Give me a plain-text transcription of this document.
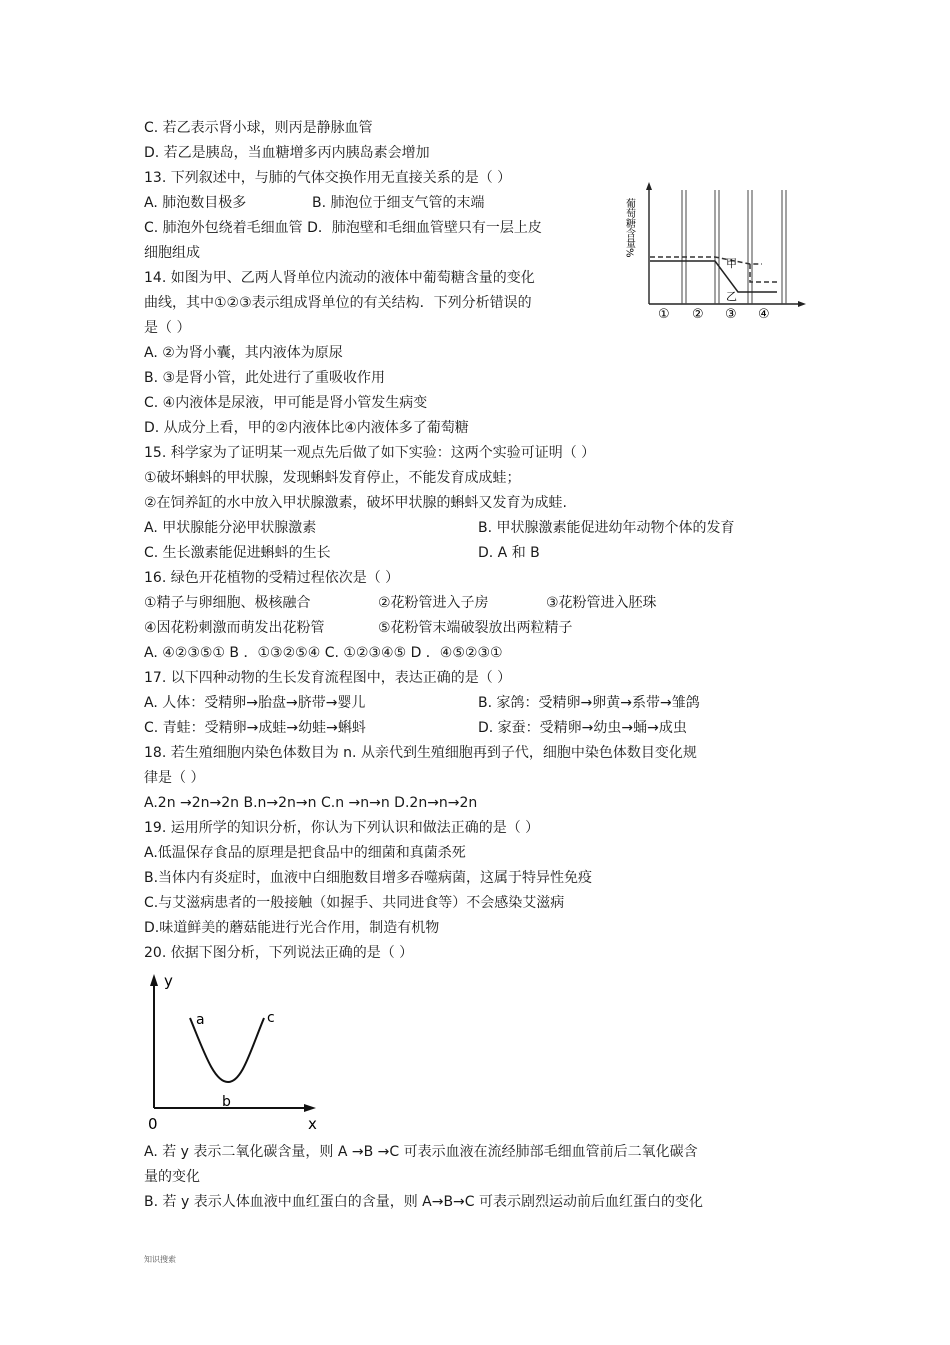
C. 若乙表示肾小球，则丙是静脉血管
D. 若乙是胰岛，当血糖增多丙内胰岛素会增加
13. 下列叙述中，与肺的气体交换作用无直接关系的是（ ）
A. 肺泡数目极多	B. 肺泡位于细支气管的末端
C. 肺泡外包绕着毛细血管 D．肺泡壁和毛细血管壁只有一层上皮
细胞组成
14. 如图为甲、乙两人肾单位内流动的液体中葡萄糖含量的变化
曲线，其中①②③表示组成肾单位的有关结构．下列分析错误的
是（ ）
A. ②为肾小囊，其内液体为原尿
B. ③是肾小管，此处进行了重吸收作用
C. ④内液体是尿液，甲可能是肾小管发生病变
D. 从成分上看，甲的②内液体比④内液体多了葡萄糖
15. 科学家为了证明某一观点先后做了如下实验：这两个实验可证明（ ）
①破坏蝌蚪的甲状腺，发现蝌蚪发育停止，不能发育成成蛙；
②在饲养缸的水中放入甲状腺激素，破坏甲状腺的蝌蚪又发育为成蛙.
A. 甲状腺能分泌甲状腺激素	B. 甲状腺激素能促进幼年动物个体的发育
C. 生长激素能促进蝌蚪的生长	D. A 和 B
16. 绿色开花植物的受精过程依次是（ ）
①精子与卵细胞、极核融合	②花粉管进入子房	③花粉管进入胚珠
④因花粉刺激而萌发出花粉管	⑤花粉管末端破裂放出两粒精子
A. ④②③⑤① B ．①③②⑤④ C. ①②③④⑤ D ．④⑤②③①
17. 以下四种动物的生长发育流程图中，表达正确的是（ ）
A. 人体：受精卵→胎盘→脐带→婴儿	B. 家鸽：受精卵→卵黄→系带→雏鸽
C. 青蛙：受精卵→成蛙→幼蛙→蝌蚪	D. 家蚕：受精卵→幼虫→蛹→成虫
18. 若生殖细胞内染色体数目为 n. 从亲代到生殖细胞再到子代，细胞中染色体数目变化规
律是（ ）
A.2n →2n→2n B.n→2n→n C.n →n→n D.2n→n→2n
19. 运用所学的知识分析，你认为下列认识和做法正确的是（ ）
A.低温保存食品的原理是把食品中的细菌和真菌杀死
B.当体内有炎症时，血液中白细胞数目增多吞噬病菌，这属于特异性免疫
C.与艾滋病患者的一般接触（如握手、共同进食等）不会感染艾滋病
D.味道鲜美的蘑菇能进行光合作用，制造有机物
20. 依据下图分析，下列说法正确的是（ ）
A. 若 y 表示二氧化碳含量，则 A →B →C 可表示血液在流经肺部毛细血管前后二氧化碳含
量的变化
B. 若 y 表示人体血液中血红蛋白的含量，则 A→B→C 可表示剧烈运动前后血红蛋白的变化
葡萄糖含量%
甲
乙
① ② ③ ④
y
x
0
a
b
c
知识搜索
